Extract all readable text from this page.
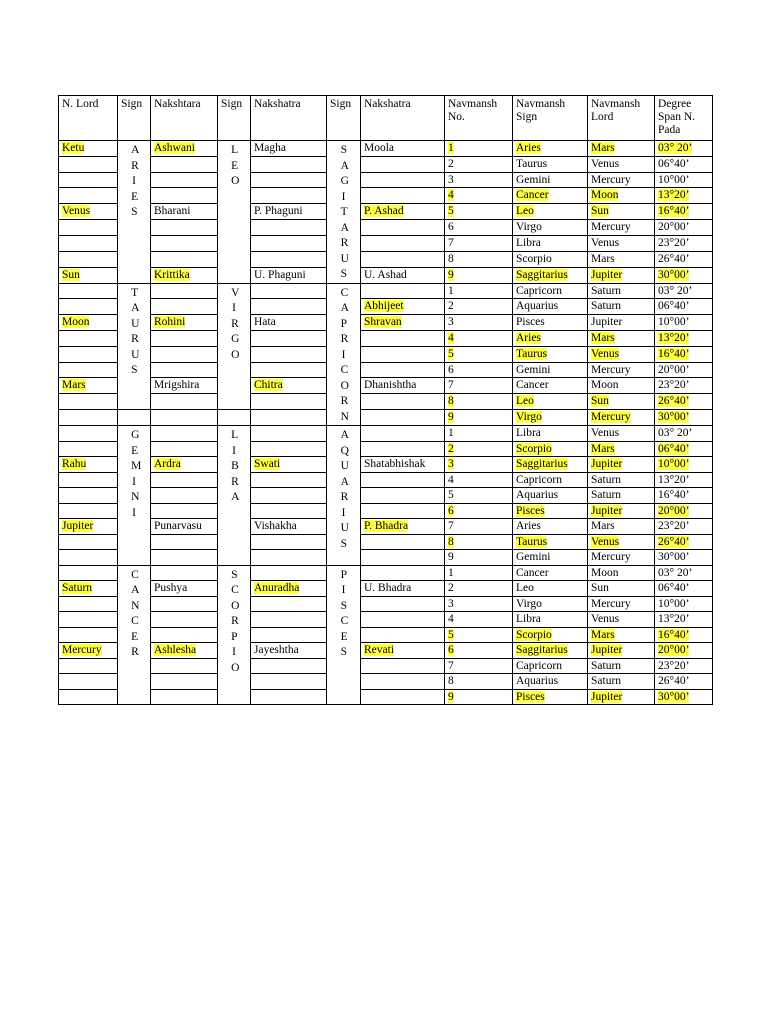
N. Lord	Sign	Nakshtara	Sign	Nakshatra	Sign	Nakshatra	Navmansh No.	Navmansh Sign	Navmansh Lord	Degree Span N. Pada
Ketu	ARIES	Ashwani	LEO	Magha	SAGITARUS	Moola	1	Aries	Mars	03° 20’
							2	Taurus	Venus	06°40’
							3	Gemini	Mercury	10°00’
							4	Cancer	Moon	13°20’
Venus		Bharani		P. Phaguni		P. Ashad	5	Leo	Sun	16°40’
							6	Virgo	Mercury	20°00’
							7	Libra	Venus	23°20’
							8	Scorpio	Mars	26°40’
Sun		Krittika		U. Phaguni		U. Ashad	9	Saggitarius	Jupiter	30°00’
	TAURUS		VIRGO		CAPRICORN		1	Capricorn	Saturn	03° 20’
						Abhijeet	2	Aquarius	Saturn	06°40’
Moon		Rohini		Hata		Shravan	3	Pisces	Jupiter	10°00’
							4	Aries	Mars	13°20’
							5	Taurus	Venus	16°40’
							6	Gemini	Mercury	20°00’
Mars		Mrigshira		Chitra		Dhanishtha	7	Cancer	Moon	23°20’
							8	Leo	Sun	26°40’
							9	Virgo	Mercury	30°00’
	GEMINI		LIBRA		AQUARIUS		1	Libra	Venus	03° 20’
							2	Scorpio	Mars	06°40’
Rahu		Ardra		Swati		Shatabhishak	3	Saggitarius	Jupiter	10°00’
							4	Capricorn	Saturn	13°20’
							5	Aquarius	Saturn	16°40’
							6	Pisces	Jupiter	20°00’
Jupiter		Punarvasu		Vishakha		P. Bhadra	7	Aries	Mars	23°20’
							8	Taurus	Venus	26°40’
							9	Gemini	Mercury	30°00’
	CANCER		SCORPIO		PISCES		1	Cancer	Moon	03° 20’
Saturn		Pushya		Anuradha		U. Bhadra	2	Leo	Sun	06°40’
							3	Virgo	Mercury	10°00’
							4	Libra	Venus	13°20’
							5	Scorpio	Mars	16°40’
Mercury		Ashlesha		Jayeshtha		Revati	6	Saggitarius	Jupiter	20°00’
							7	Capricorn	Saturn	23°20’
							8	Aquarius	Saturn	26°40’
							9	Pisces	Jupiter	30°00’
